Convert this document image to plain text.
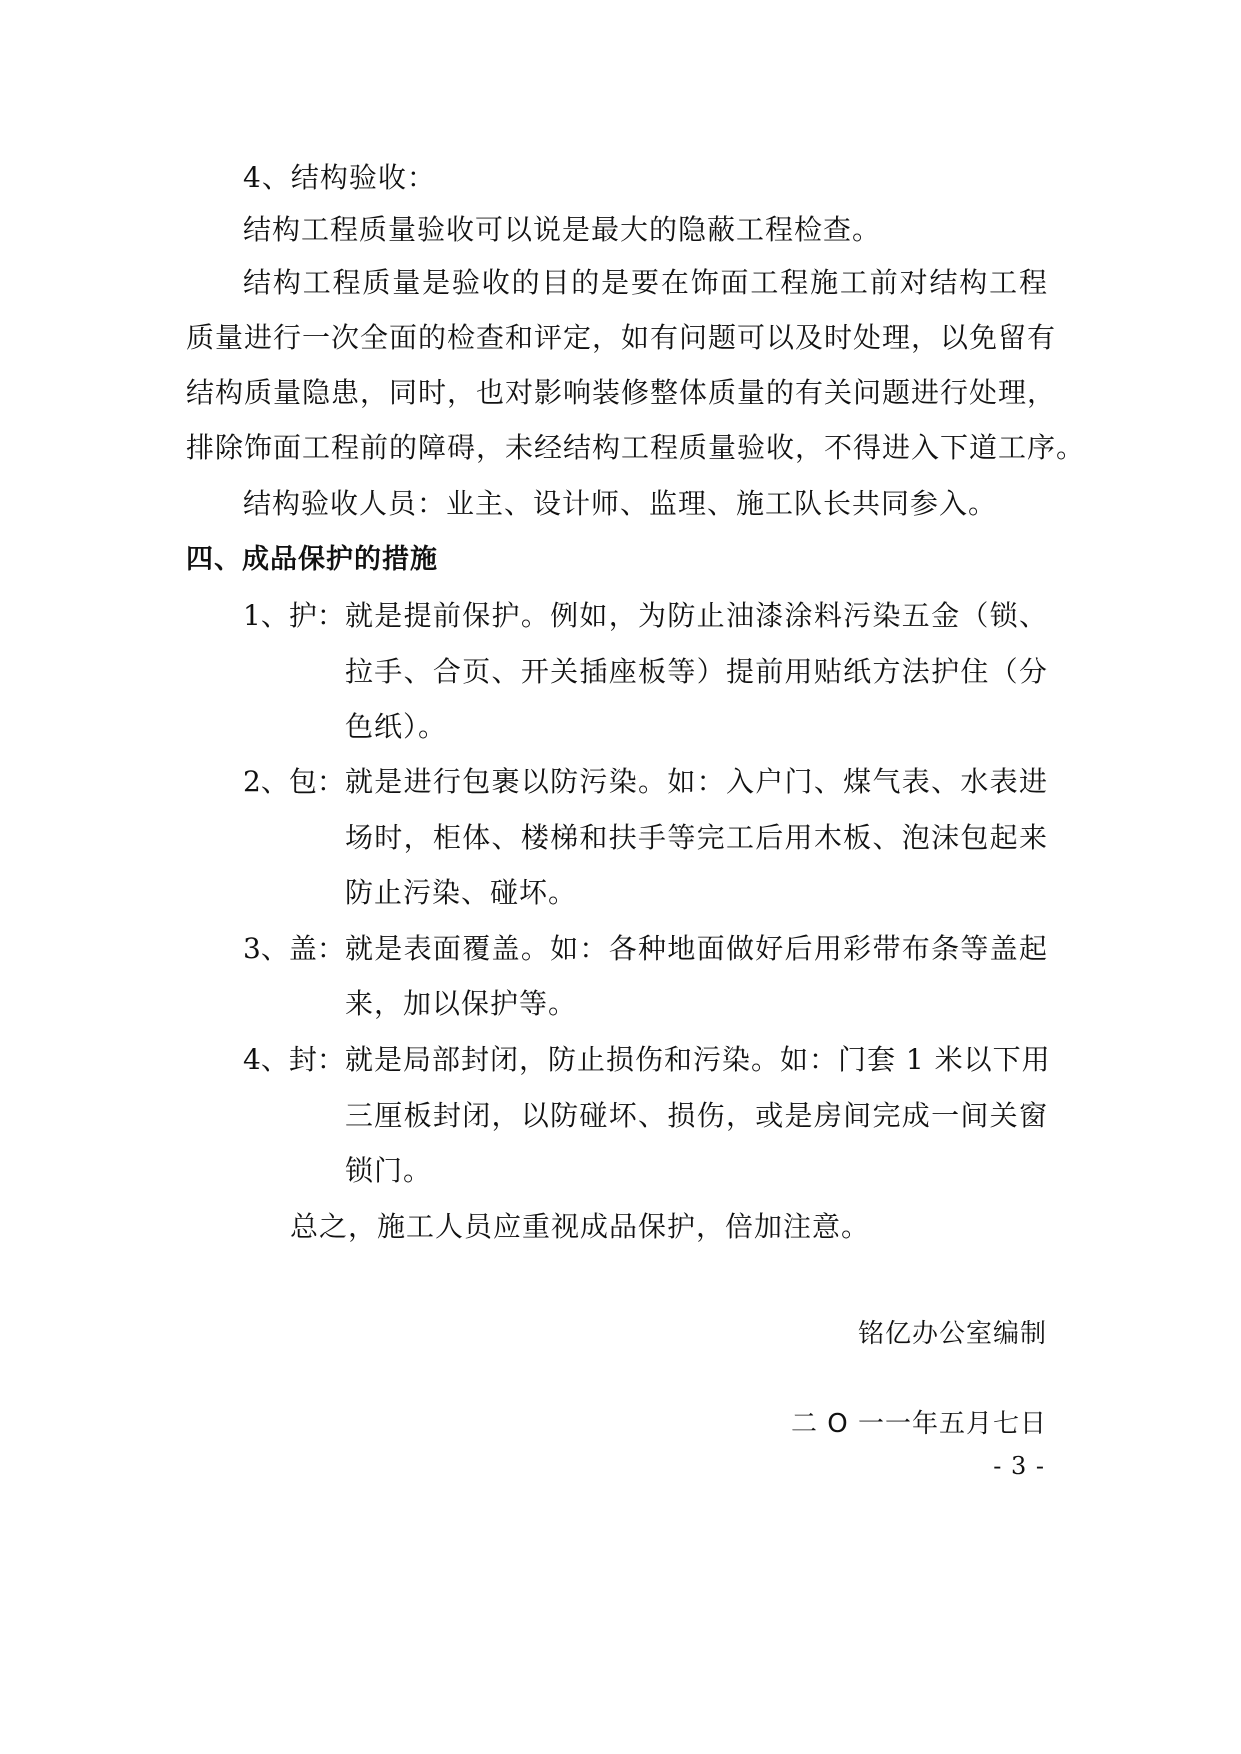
4、结构验收：
结构工程质量验收可以说是最大的隐蔽工程检查。
结构工程质量是验收的目的是要在饰面工程施工前对结构工程
质量进行一次全面的检查和评定，如有问题可以及时处理，以免留有
结构质量隐患，同时，也对影响装修整体质量的有关问题进行处理，
排除饰面工程前的障碍，未经结构工程质量验收，不得进入下道工序。
结构验收人员：业主、设计师、监理、施工队长共同参入。
四、成品保护的措施
1、护： 就是提前保护。例如，为防止油漆涂料污染五金（锁、
拉手、合页、开关插座板等）提前用贴纸方法护住（分
色纸）。
2、包： 就是进行包裹以防污染。如：入户门、煤气表、水表进
场时，柜体、楼梯和扶手等完工后用木板、泡沫包起来
防止污染、碰坏。
3、盖： 就是表面覆盖。如：各种地面做好后用彩带布条等盖起
来，加以保护等。
4、封： 就是局部封闭，防止损伤和污染。如：门套 1 米以下用
三厘板封闭，以防碰坏、损伤，或是房间完成一间关窗
锁门。
总之，施工人员应重视成品保护，倍加注意。
铭亿办公室编制
二 O 一一年五月七日
- 3 -
